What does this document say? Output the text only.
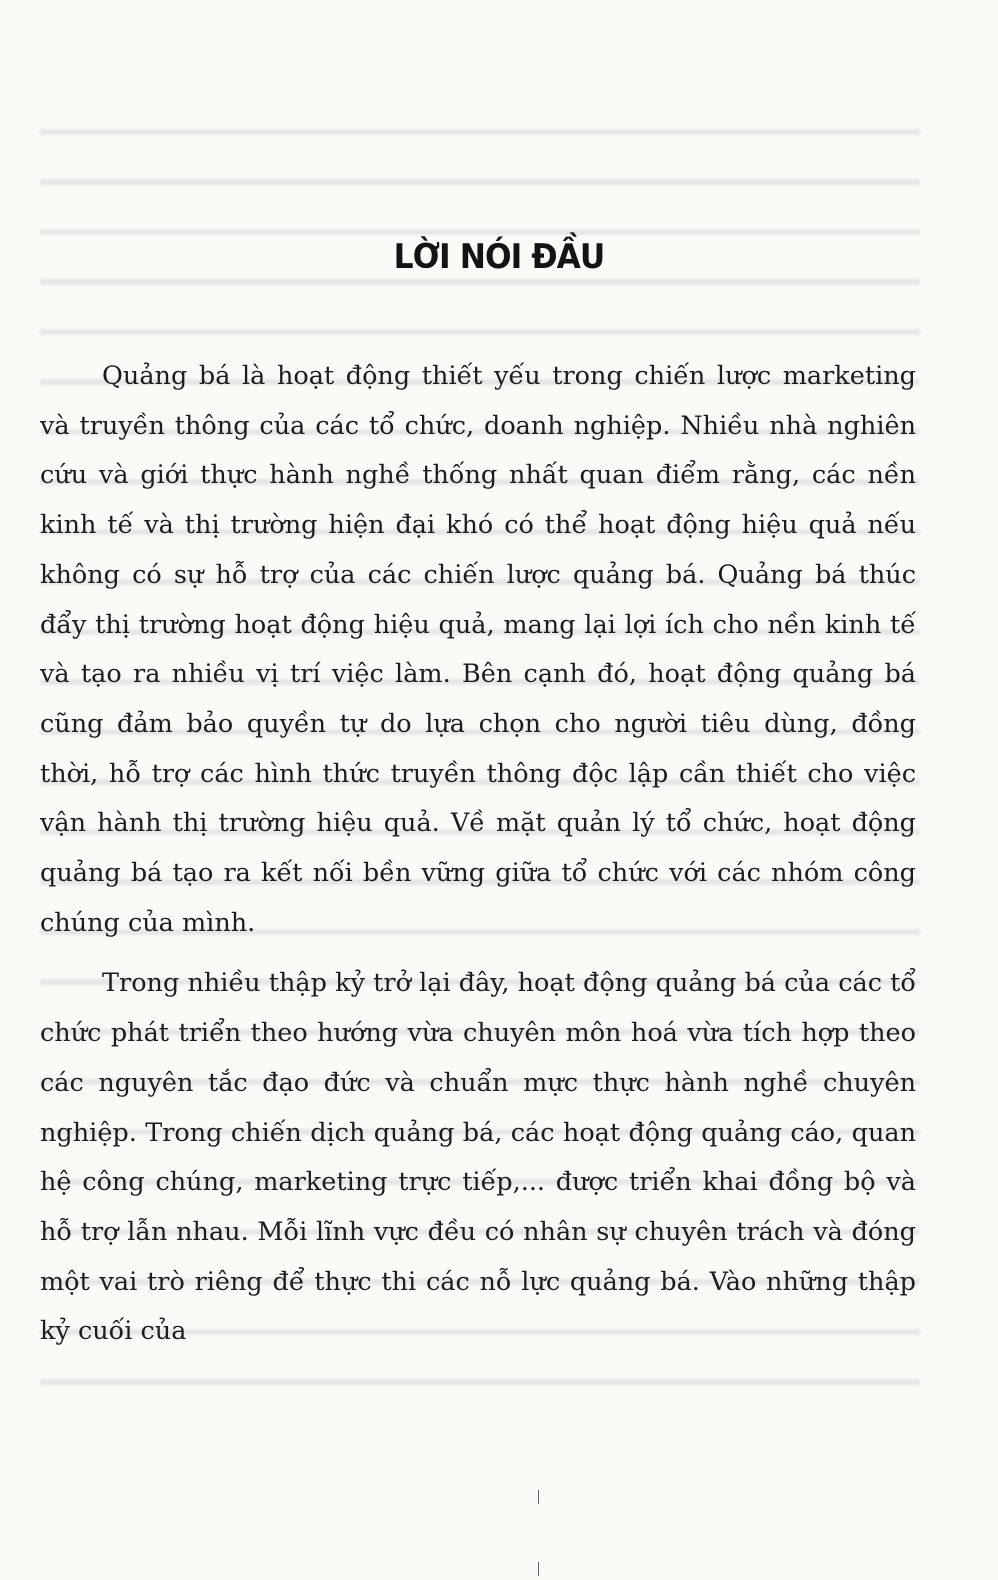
LỜI NÓI ĐẦU

Quảng bá là hoạt động thiết yếu trong chiến lược marketing và truyền thông của các tổ chức, doanh nghiệp. Nhiều nhà nghiên cứu và giới thực hành nghề thống nhất quan điểm rằng, các nền kinh tế và thị trường hiện đại khó có thể hoạt động hiệu quả nếu không có sự hỗ trợ của các chiến lược quảng bá. Quảng bá thúc đẩy thị trường hoạt động hiệu quả, mang lại lợi ích cho nền kinh tế và tạo ra nhiều vị trí việc làm. Bên cạnh đó, hoạt động quảng bá cũng đảm bảo quyền tự do lựa chọn cho người tiêu dùng, đồng thời, hỗ trợ các hình thức truyền thông độc lập cần thiết cho việc vận hành thị trường hiệu quả. Về mặt quản lý tổ chức, hoạt động quảng bá tạo ra kết nối bền vững giữa tổ chức với các nhóm công chúng của mình.

Trong nhiều thập kỷ trở lại đây, hoạt động quảng bá của các tổ chức phát triển theo hướng vừa chuyên môn hoá vừa tích hợp theo các nguyên tắc đạo đức và chuẩn mực thực hành nghề chuyên nghiệp. Trong chiến dịch quảng bá, các hoạt động quảng cáo, quan hệ công chúng, marketing trực tiếp,... được triển khai đồng bộ và hỗ trợ lẫn nhau. Mỗi lĩnh vực đều có nhân sự chuyên trách và đóng một vai trò riêng để thực thi các nỗ lực quảng bá. Vào những thập kỷ cuối của
